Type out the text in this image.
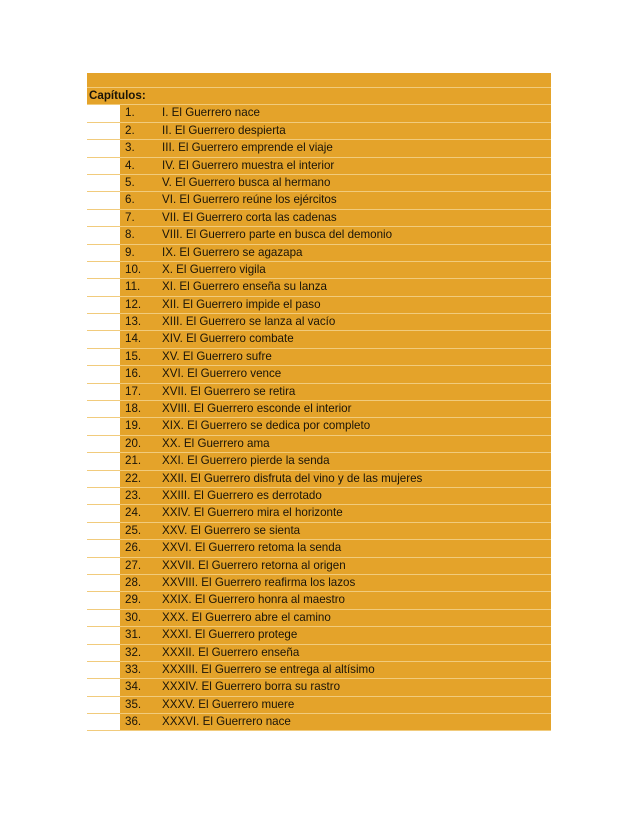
Capítulos:
1. I. El Guerrero nace
2. II. El Guerrero despierta
3. III. El Guerrero emprende el viaje
4. IV. El Guerrero muestra el interior
5. V. El Guerrero busca al hermano
6. VI. El Guerrero reúne los ejércitos
7. VII. El Guerrero corta las cadenas
8. VIII. El Guerrero parte en busca del demonio
9. IX. El Guerrero se agazapa
10. X. El Guerrero vigila
11. XI. El Guerrero enseña su lanza
12. XII. El Guerrero impide el paso
13. XIII. El Guerrero se lanza al vacío
14. XIV. El Guerrero combate
15. XV. El Guerrero sufre
16. XVI. El Guerrero vence
17. XVII. El Guerrero se retira
18. XVIII. El Guerrero esconde el interior
19. XIX. El Guerrero se dedica por completo
20. XX. El Guerrero ama
21. XXI. El Guerrero pierde la senda
22. XXII. El Guerrero disfruta del vino y de las mujeres
23. XXIII. El Guerrero es derrotado
24. XXIV. El Guerrero mira el horizonte
25. XXV. El Guerrero se sienta
26. XXVI. El Guerrero retoma la senda
27. XXVII. El Guerrero retorna al origen
28. XXVIII. El Guerrero reafirma los lazos
29. XXIX. El Guerrero honra al maestro
30. XXX. El Guerrero abre el camino
31. XXXI. El Guerrero protege
32. XXXII. El Guerrero enseña
33. XXXIII. El Guerrero se entrega al altísimo
34. XXXIV. El Guerrero borra su rastro
35. XXXV. El Guerrero muere
36. XXXVI. El Guerrero nace
